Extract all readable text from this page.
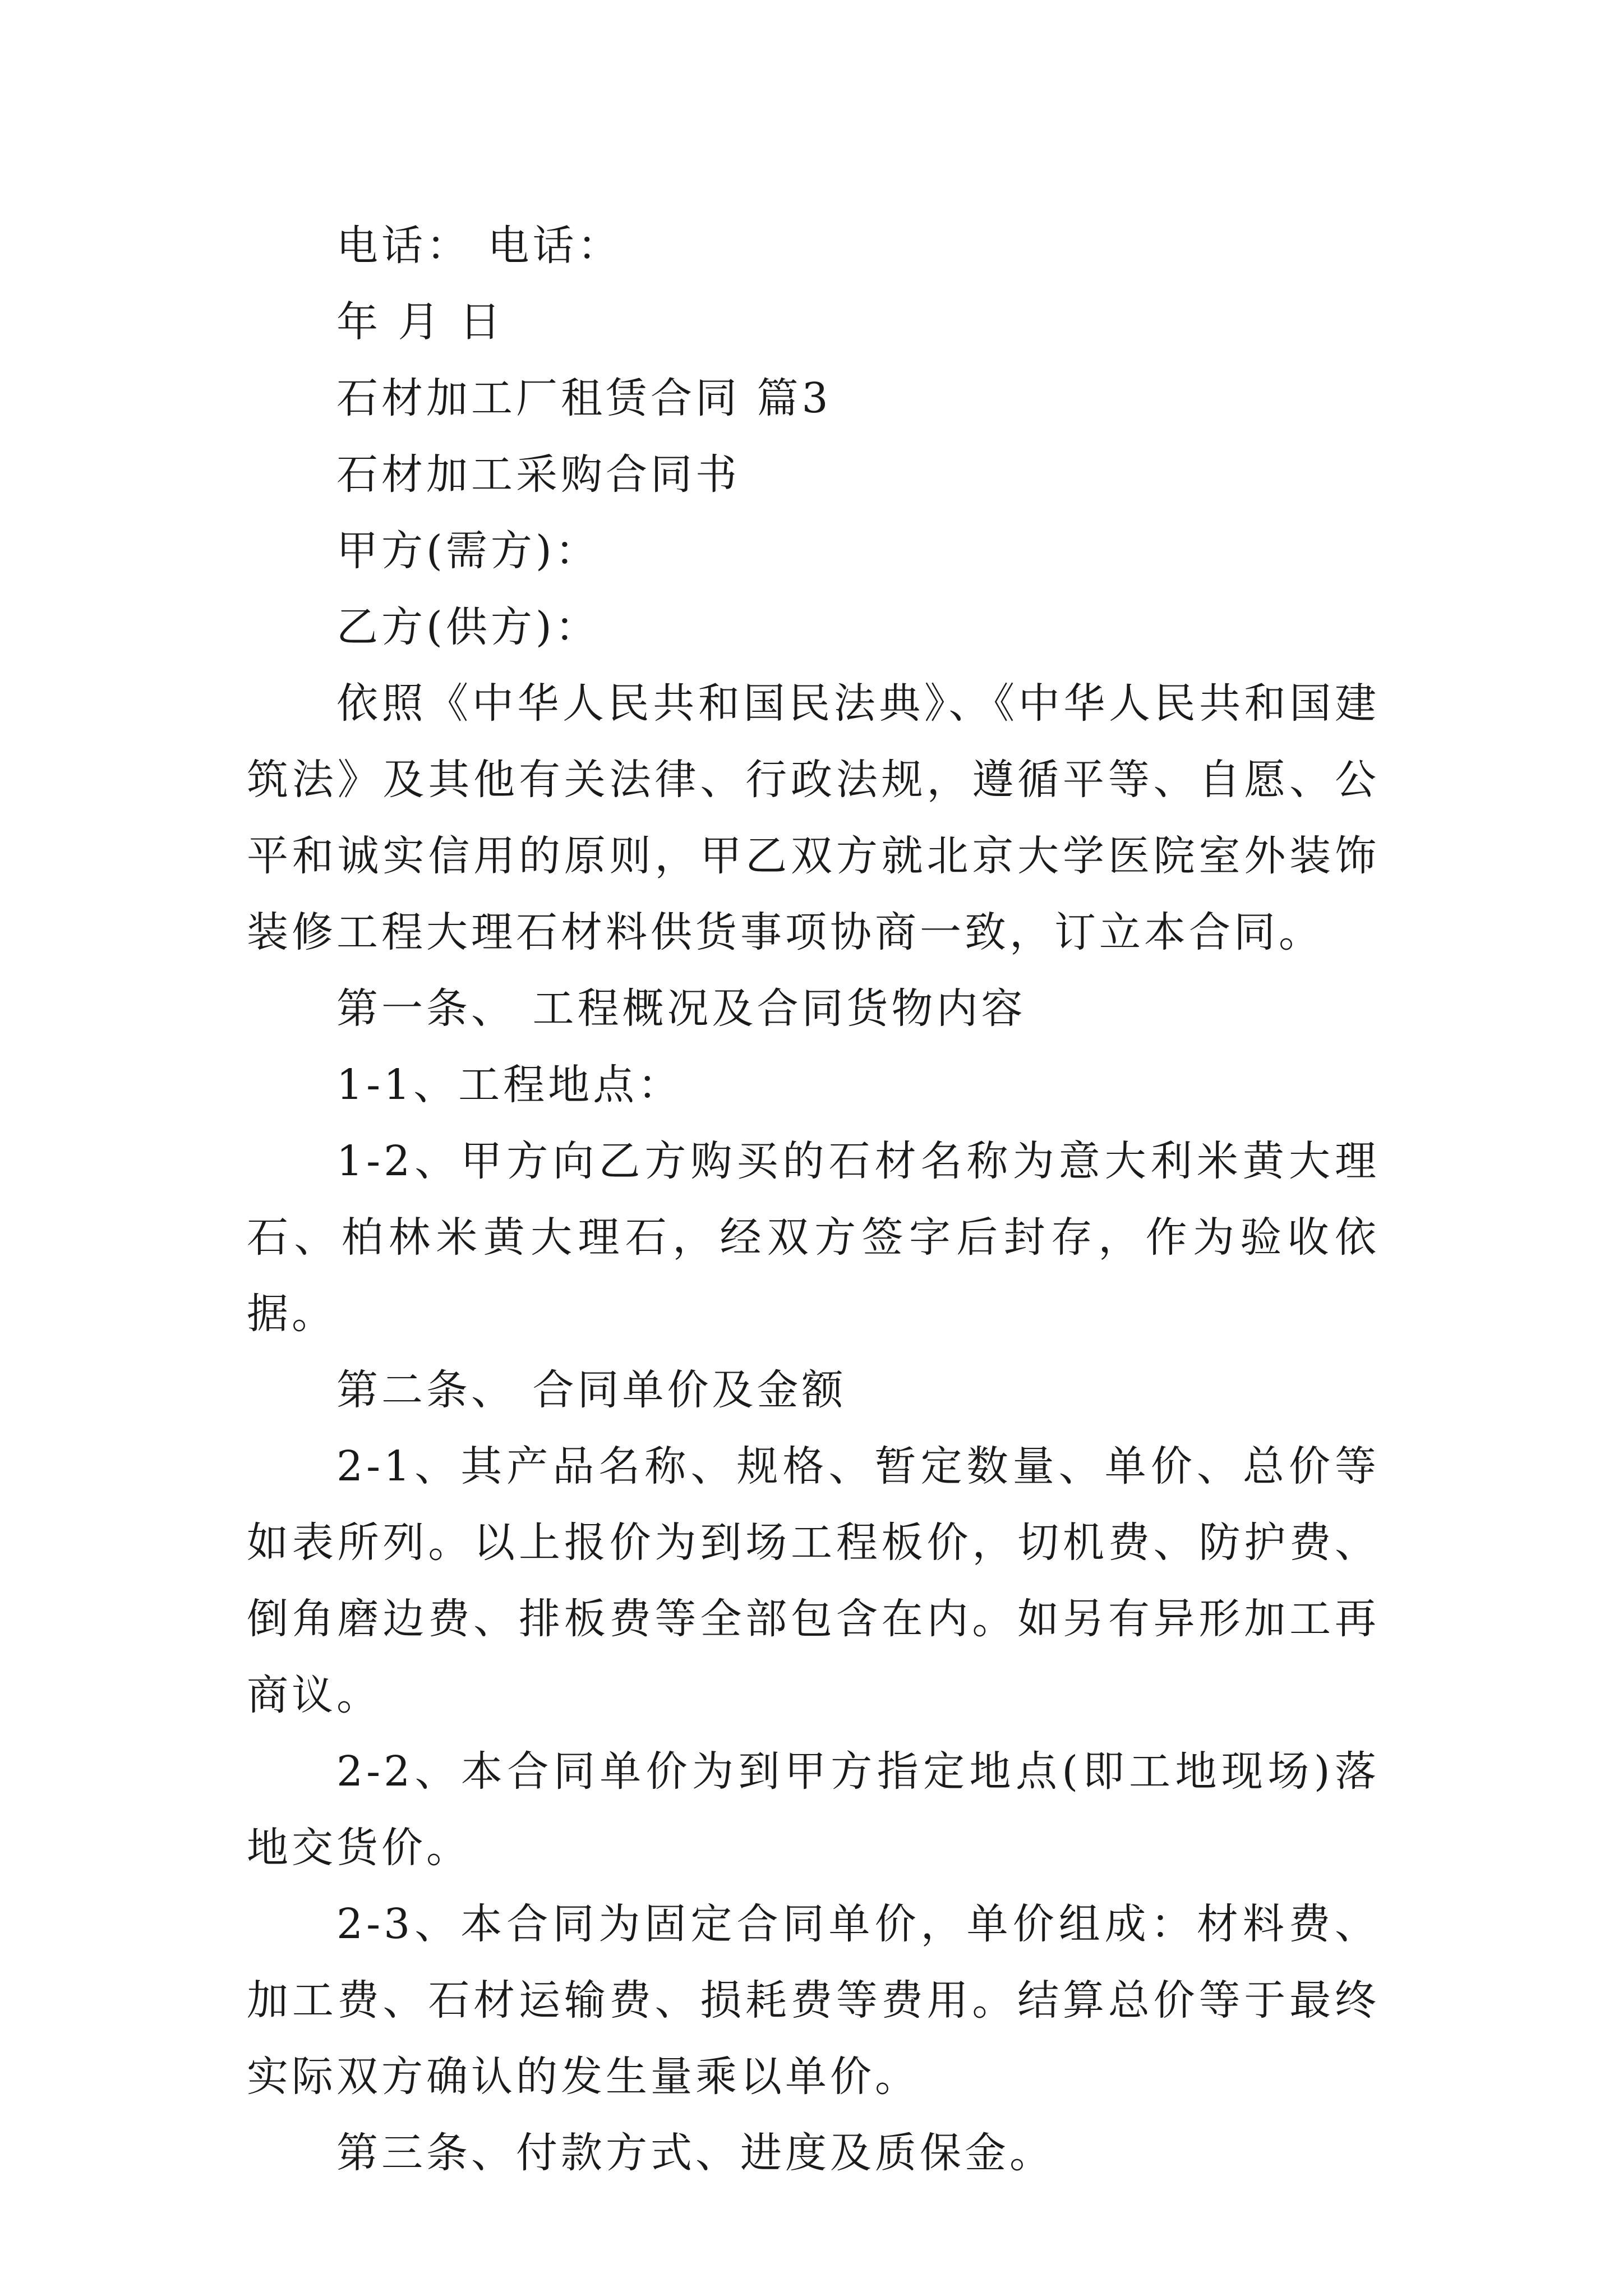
电话： 电话：

年 月 日

石材加工厂租赁合同 篇3

石材加工采购合同书

甲方(需方)：

乙方(供方)：

依照《中华人民共和国民法典》、《中华人民共和国建筑法》及其他有关法律、行政法规，遵循平等、自愿、公平和诚实信用的原则，甲乙双方就北京大学医院室外装饰装修工程大理石材料供货事项协商一致，订立本合同。

第一条、 工程概况及合同货物内容

1-1、工程地点：

1-2、甲方向乙方购买的石材名称为意大利米黄大理石、柏林米黄大理石，经双方签字后封存，作为验收依据。

第二条、 合同单价及金额

2-1、其产品名称、规格、暂定数量、单价、总价等如表所列。以上报价为到场工程板价，切机费、防护费、倒角磨边费、排板费等全部包含在内。如另有异形加工再商议。

2-2、本合同单价为到甲方指定地点(即工地现场)落地交货价。

2-3、本合同为固定合同单价，单价组成：材料费、加工费、石材运输费、损耗费等费用。结算总价等于最终实际双方确认的发生量乘以单价。

第三条、付款方式、进度及质保金。
